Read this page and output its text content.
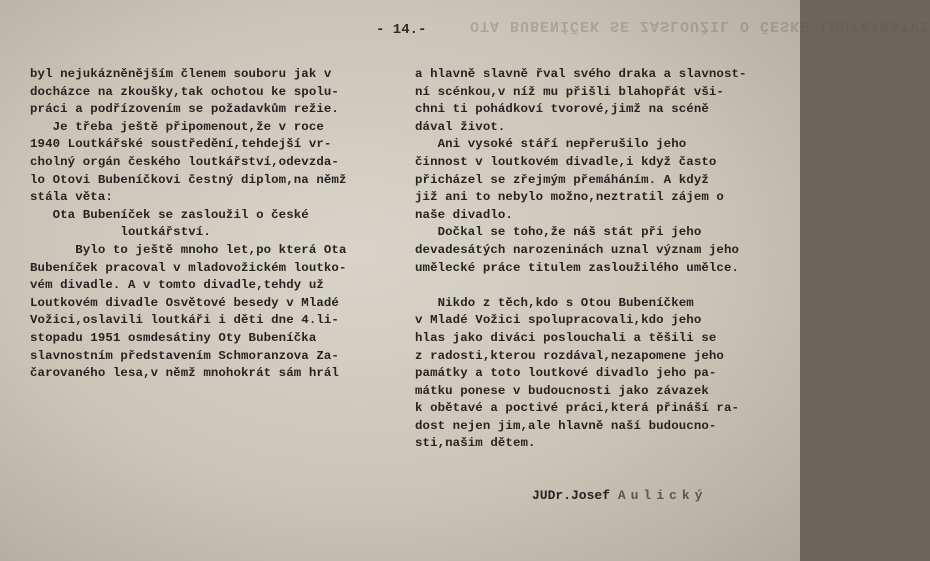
OTA BUBENÍČEK SE ZASLOUŽIL O ČESKÉ LOUTKÁŘSTVÍ
- 14.-
byl nejukázněnějším členem souboru jak v
docházce na zkoušky,tak ochotou ke spolu-
práci a podřízovením se požadavkům režie.
Je třeba ještě připomenout,že v roce
1940 Loutkářské soustředění,tehdejší vr-
cholný orgán českého loutkářství,odevzda-
lo Otovi Bubeníčkovi čestný diplom,na němž
stála věta:
Ota Bubeníček se zasloužil o české
loutkářství.
Bylo to ještě mnoho let,po která Ota
Bubeníček pracoval v mladovožickém loutko-
vém divadle. A v tomto divadle,tehdy už
Loutkovém divadle Osvětové besedy v Mladé
Vožici,oslavili loutkáři i děti dne 4.li-
stopadu 1951 osmdesátiny Oty Bubeníčka
slavnostním představením Schmoranzova Za-
čarovaného lesa,v němž mnohokrát sám hrál
a hlavně slavně řval svého draka a slavnost-
ní scénkou,v níž mu přišli blahopřát vši-
chni ti pohádkoví tvorové,jimž na scéně
dával život.
Ani vysoké stáří nepřerušilo jeho
činnost v loutkovém divadle,i když často
přicházel se zřejmým přemáháním. A když
již ani to nebylo možno,neztratil zájem o
naše divadlo.
Dočkal se toho,že náš stát při jeho
devadesátých narozeninách uznal význam jeho
umělecké práce titulem zasloužilého umělce.
Nikdo z těch,kdo s Otou Bubeníčkem
v Mladé Vožici spolupracovali,kdo jeho
hlas jako diváci poslouchali a těšili se
z radosti,kterou rozdával,nezapomene jeho
památky a toto loutkové divadlo jeho pa-
mátku ponese v budoucnosti jako závazek
k obětavé a poctivé práci,která přináší ra-
dost nejen jim,ale hlavně naší budoucno-
sti,našim dětem.
JUDr.Josef Aulický
